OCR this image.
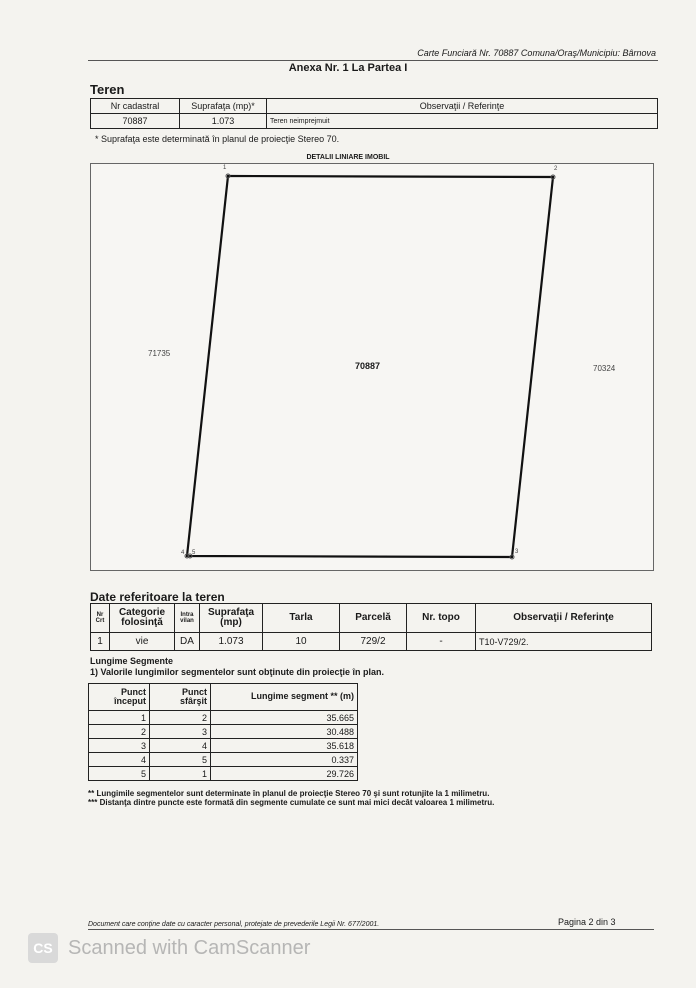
Carte Funciară Nr. 70887 Comuna/Oraş/Municipiu: Bârnova
Anexa Nr. 1 La Partea I
Teren
Nr cadastral	Suprafaţa (mp)*	Observaţii / Referinţe
70887	1.073	Teren neimprejmuit
* Suprafaţa este determinată în planul de proiecţie Stereo 70.
DETALII LINIARE IMOBIL
71735
70324
70887
1	2
3
4 5
Date referitoare la teren
Nr Crt	Categorie folosinţă	Intra vilan	Suprafaţa (mp)	Tarla	Parcelă	Nr. topo	Observaţii / Referinţe
1	vie	DA	1.073	10	729/2	-	T10-V729/2.
Lungime Segmente
1) Valorile lungimilor segmentelor sunt obţinute din proiecţie în plan.
Punct început	Punct sfârşit	Lungime segment ** (m)
1	2	35.665
2	3	30.488
3	4	35.618
4	5	0.337
5	1	29.726
** Lungimile segmentelor sunt determinate în planul de proiecţie Stereo 70 şi sunt rotunjite la 1 milimetru.
*** Distanţa dintre puncte este formată din segmente cumulate ce sunt mai mici decât valoarea 1 milimetru.
Document care conţine date cu caracter personal, protejate de prevederile Legii Nr. 677/2001.	Pagina 2 din 3
CS Scanned with CamScanner
